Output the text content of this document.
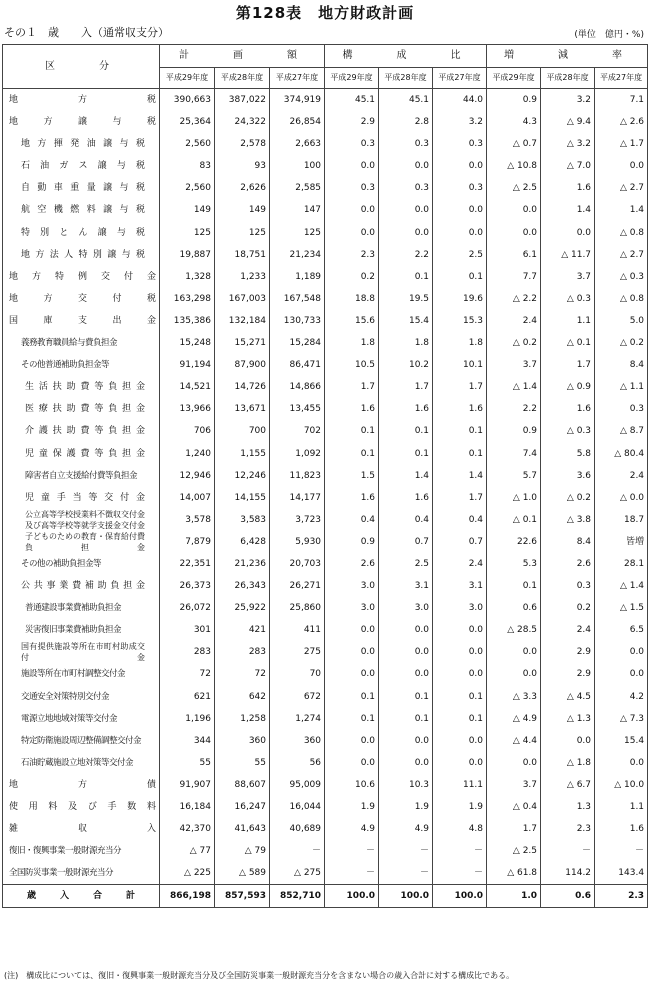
第128表　地方財政計画
その１　歳　　入（通常収支分）	(単位　億円・%)
区　　分	計　　画　　額			構　　成　　比			増　　減　　率		
	平成29年度	平成28年度	平成27年度	平成29年度	平成28年度	平成27年度	平成29年度	平成28年度	平成27年度
地　方　税	390,663	387,022	374,919	45.1	45.1	44.0	0.9	3.2	7.1
地　方　譲　与　税	25,364	24,322	26,854	2.9	2.8	3.2	4.3	△ 9.4	△ 2.6
地方揮発油譲与税	2,560	2,578	2,663	0.3	0.3	0.3	△ 0.7	△ 3.2	△ 1.7
石油ガス譲与税	83	93	100	0.0	0.0	0.0	△ 10.8	△ 7.0	0.0
自動車重量譲与税	2,560	2,626	2,585	0.3	0.3	0.3	△ 2.5	1.6	△ 2.7
航空機燃料譲与税	149	149	147	0.0	0.0	0.0	0.0	1.4	1.4
特別とん譲与税	125	125	125	0.0	0.0	0.0	0.0	0.0	△ 0.8
地方法人特別譲与税	19,887	18,751	21,234	2.3	2.2	2.5	6.1	△ 11.7	△ 2.7
地方特例交付金	1,328	1,233	1,189	0.2	0.1	0.1	7.7	3.7	△ 0.3
地　方　交　付　税	163,298	167,003	167,548	18.8	19.5	19.6	△ 2.2	△ 0.3	△ 0.8
国　庫　支　出　金	135,386	132,184	130,733	15.6	15.4	15.3	2.4	1.1	5.0
義務教育職員給与費負担金	15,248	15,271	15,284	1.8	1.8	1.8	△ 0.2	△ 0.1	△ 0.2
その他普通補助負担金等	91,194	87,900	86,471	10.5	10.2	10.1	3.7	1.7	8.4
生活扶助費等負担金	14,521	14,726	14,866	1.7	1.7	1.7	△ 1.4	△ 0.9	△ 1.1
医療扶助費等負担金	13,966	13,671	13,455	1.6	1.6	1.6	2.2	1.6	0.3
介護扶助費等負担金	706	700	702	0.1	0.1	0.1	0.9	△ 0.3	△ 8.7
児童保護費等負担金	1,240	1,155	1,092	0.1	0.1	0.1	7.4	5.8	△ 80.4
障害者自立支援給付費等負担金	12,946	12,246	11,823	1.5	1.4	1.4	5.7	3.6	2.4
児童手当等交付金	14,007	14,155	14,177	1.6	1.6	1.7	△ 1.0	△ 0.2	△ 0.0
公立高等学校授業料不徴収交付金及び高等学校等就学支援金交付金	3,578	3,583	3,723	0.4	0.4	0.4	△ 0.1	△ 3.8	18.7
子どものための教育・保育給付費負担金	7,879	6,428	5,930	0.9	0.7	0.7	22.6	8.4	皆増
その他の補助負担金等	22,351	21,236	20,703	2.6	2.5	2.4	5.3	2.6	28.1
公共事業費補助負担金	26,373	26,343	26,271	3.0	3.1	3.1	0.1	0.3	△ 1.4
普通建設事業費補助負担金	26,072	25,922	25,860	3.0	3.0	3.0	0.6	0.2	△ 1.5
災害復旧事業費補助負担金	301	421	411	0.0	0.0	0.0	△ 28.5	2.4	6.5
国有提供施設等所在市町村助成交付金	283	283	275	0.0	0.0	0.0	0.0	2.9	0.0
施設等所在市町村調整交付金	72	72	70	0.0	0.0	0.0	0.0	2.9	0.0
交通安全対策特別交付金	621	642	672	0.1	0.1	0.1	△ 3.3	△ 4.5	4.2
電源立地地域対策等交付金	1,196	1,258	1,274	0.1	0.1	0.1	△ 4.9	△ 1.3	△ 7.3
特定防衛施設周辺整備調整交付金	344	360	360	0.0	0.0	0.0	△ 4.4	0.0	15.4
石油貯蔵施設立地対策等交付金	55	55	56	0.0	0.0	0.0	0.0	△ 1.8	0.0
地　方　債	91,907	88,607	95,009	10.6	10.3	11.1	3.7	△ 6.7	△ 10.0
使用料及び手数料	16,184	16,247	16,044	1.9	1.9	1.9	△ 0.4	1.3	1.1
雑　　収　　入	42,370	41,643	40,689	4.9	4.9	4.8	1.7	2.3	1.6
復旧・復興事業一般財源充当分	△ 77	△ 79	－	－	－	－	△ 2.5	－	－
全国防災事業一般財源充当分	△ 225	△ 589	△ 275	－	－	－	△ 61.8	114.2	143.4
歳　入　合　計	866,198	857,593	852,710	100.0	100.0	100.0	1.0	0.6	2.3
(注)　構成比については、復旧・復興事業一般財源充当分及び全国防災事業一般財源充当分を含まない場合の歳入合計に対する構成比である。
